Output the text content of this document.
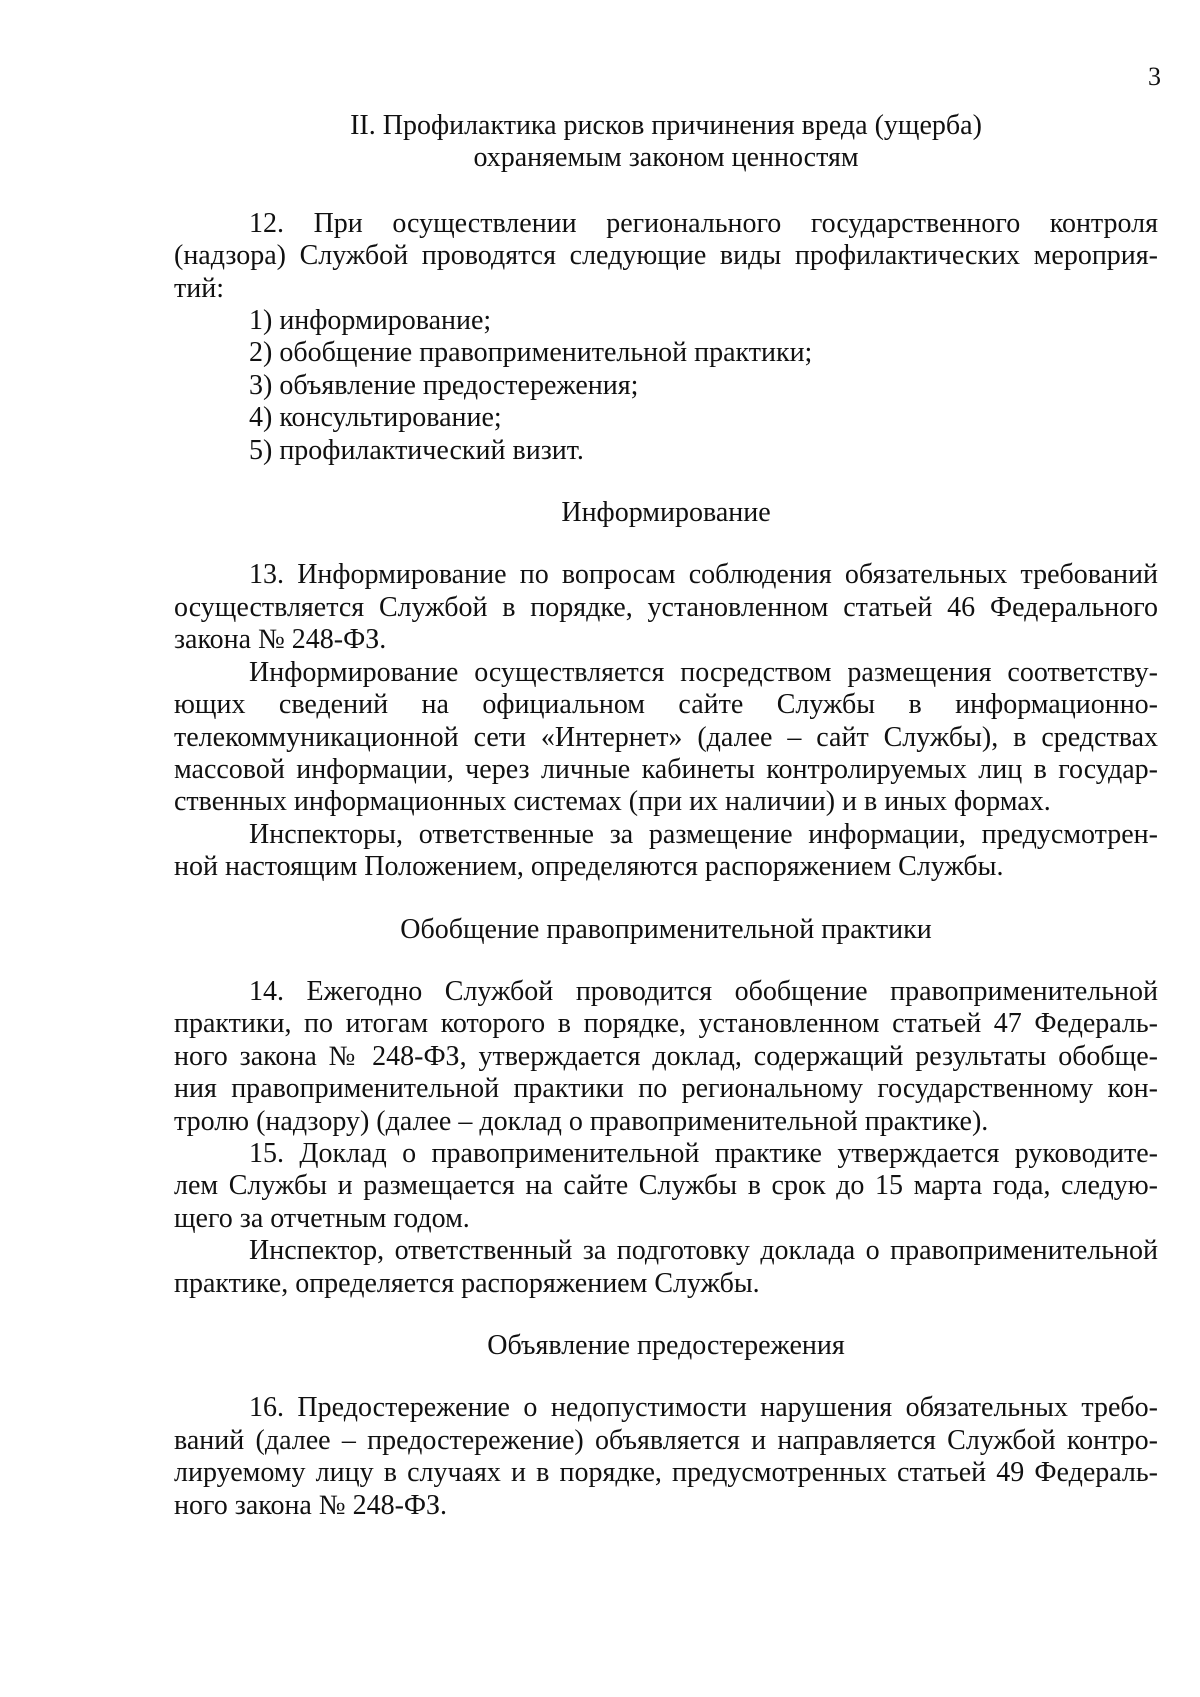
3
II. Профилактика рисков причинения вреда (ущерба)
охраняемым законом ценностям
12. При осуществлении регионального государственного контроля
(надзора) Службой проводятся следующие виды профилактических мероприя-
тий:
1) информирование;
2) обобщение правоприменительной практики;
3) объявление предостережения;
4) консультирование;
5) профилактический визит.
Информирование
13. Информирование по вопросам соблюдения обязательных требований
осуществляется Службой в порядке, установленном статьей 46 Федерального
закона № 248-ФЗ.
Информирование осуществляется посредством размещения соответству-
ющих сведений на официальном сайте Службы в информационно-
телекоммуникационной сети «Интернет» (далее – сайт Службы), в средствах
массовой информации, через личные кабинеты контролируемых лиц в государ-
ственных информационных системах (при их наличии) и в иных формах.
Инспекторы, ответственные за размещение информации, предусмотрен-
ной настоящим Положением, определяются распоряжением Службы.
Обобщение правоприменительной практики
14. Ежегодно Службой проводится обобщение правоприменительной
практики, по итогам которого в порядке, установленном статьей 47 Федераль-
ного закона № 248-ФЗ, утверждается доклад, содержащий результаты обобще-
ния правоприменительной практики по региональному государственному кон-
тролю (надзору) (далее – доклад о правоприменительной практике).
15. Доклад о правоприменительной практике утверждается руководите-
лем Службы и размещается на сайте Службы в срок до 15 марта года, следую-
щего за отчетным годом.
Инспектор, ответственный за подготовку доклада о правоприменительной
практике, определяется распоряжением Службы.
Объявление предостережения
16. Предостережение о недопустимости нарушения обязательных требо-
ваний (далее – предостережение) объявляется и направляется Службой контро-
лируемому лицу в случаях и в порядке, предусмотренных статьей 49 Федераль-
ного закона № 248-ФЗ.
